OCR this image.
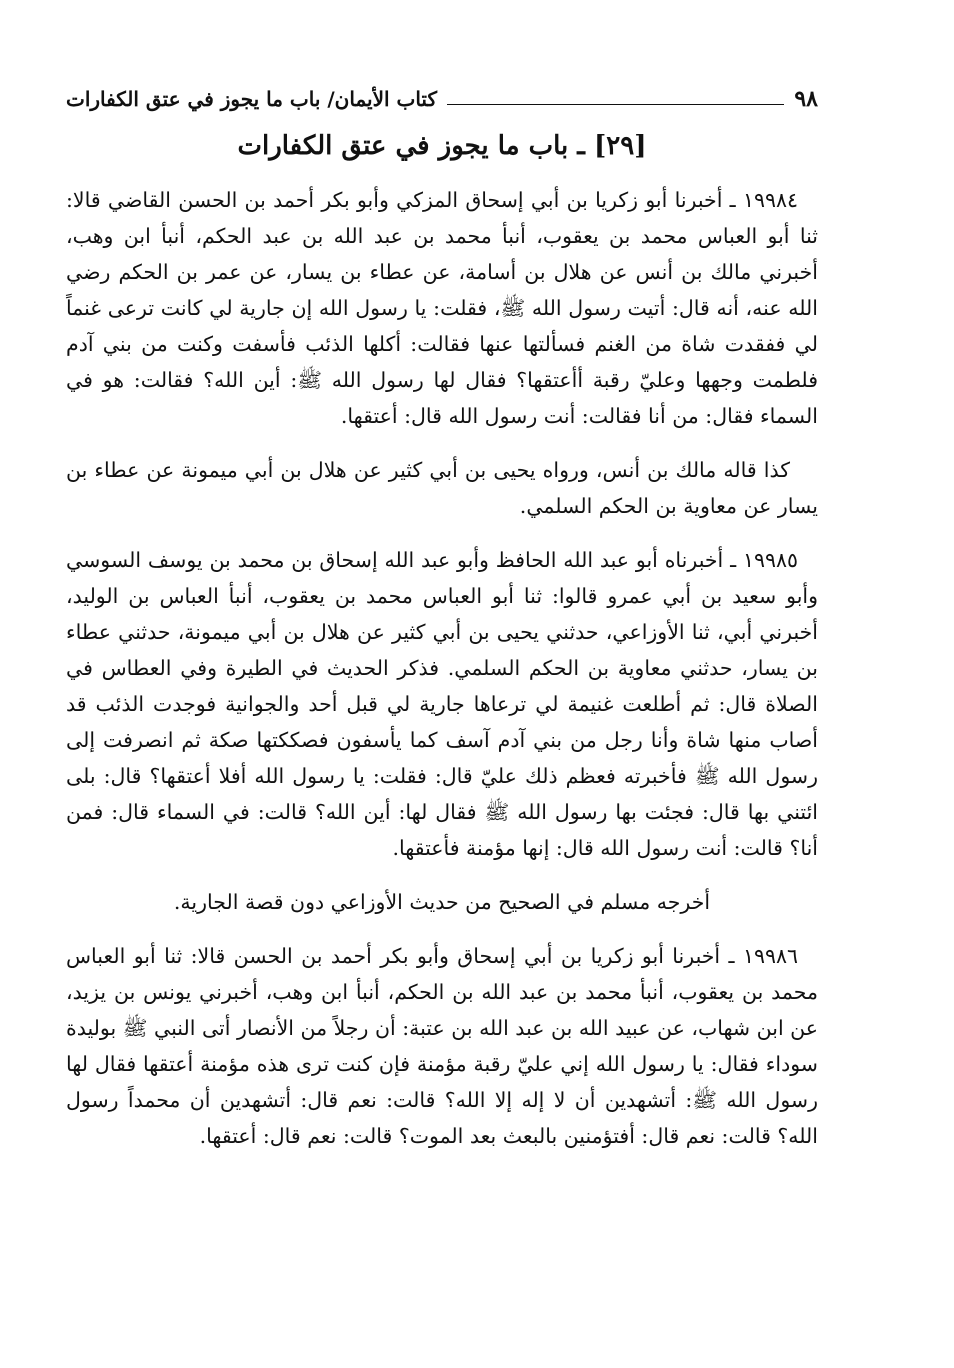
٩٨
كتاب الأيمان/ باب ما يجوز في عتق الكفارات
[٢٩] ـ باب ما يجوز في عتق الكفارات

١٩٩٨٤ ـ أخبرنا أبو زكريا بن أبي إسحاق المزكي وأبو بكر أحمد بن الحسن القاضي قالا: ثنا أبو العباس محمد بن يعقوب، أنبأ محمد بن عبد الله بن عبد الحكم، أنبأ ابن وهب، أخبرني مالك بن أنس عن هلال بن أسامة، عن عطاء بن يسار، عن عمر بن الحكم رضي الله عنه، أنه قال: أتيت رسول الله ﷺ، فقلت: يا رسول الله إن جارية لي كانت ترعى غنماً لي ففقدت شاة من الغنم فسألتها عنها فقالت: أكلها الذئب فأسفت وكنت من بني آدم فلطمت وجهها وعليّ رقبة أأعتقها؟ فقال لها رسول الله ﷺ: أين الله؟ فقالت: هو في السماء فقال: من أنا فقالت: أنت رسول الله قال: أعتقها.

كذا قاله مالك بن أنس، ورواه يحيى بن أبي كثير عن هلال بن أبي ميمونة عن عطاء بن يسار عن معاوية بن الحكم السلمي.

١٩٩٨٥ ـ أخبرناه أبو عبد الله الحافظ وأبو عبد الله إسحاق بن محمد بن يوسف السوسي وأبو سعيد بن أبي عمرو قالوا: ثنا أبو العباس محمد بن يعقوب، أنبأ العباس بن الوليد، أخبرني أبي، ثنا الأوزاعي، حدثني يحيى بن أبي كثير عن هلال بن أبي ميمونة، حدثني عطاء بن يسار، حدثني معاوية بن الحكم السلمي. فذكر الحديث في الطيرة وفي العطاس في الصلاة قال: ثم أطلعت غنيمة لي ترعاها جارية لي قبل أحد والجوانية فوجدت الذئب قد أصاب منها شاة وأنا رجل من بني آدم آسف كما يأسفون فصككتها صكة ثم انصرفت إلى رسول الله ﷺ فأخبرته فعظم ذلك عليّ قال: فقلت: يا رسول الله أفلا أعتقها؟ قال: بلى ائتني بها قال: فجئت بها رسول الله ﷺ فقال لها: أين الله؟ قالت: في السماء قال: فمن أنا؟ قالت: أنت رسول الله قال: إنها مؤمنة فأعتقها.

أخرجه مسلم في الصحيح من حديث الأوزاعي دون قصة الجارية.

١٩٩٨٦ ـ أخبرنا أبو زكريا بن أبي إسحاق وأبو بكر أحمد بن الحسن قالا: ثنا أبو العباس محمد بن يعقوب، أنبأ محمد بن عبد الله بن الحكم، أنبأ ابن وهب، أخبرني يونس بن يزيد، عن ابن شهاب، عن عبيد الله بن عبد الله بن عتبة: أن رجلاً من الأنصار أتى النبي ﷺ بوليدة سوداء فقال: يا رسول الله إني عليّ رقبة مؤمنة فإن كنت ترى هذه مؤمنة أعتقها فقال لها رسول الله ﷺ: أتشهدين أن لا إله إلا الله؟ قالت: نعم قال: أتشهدين أن محمداً رسول الله؟ قالت: نعم قال: أفتؤمنين بالبعث بعد الموت؟ قالت: نعم قال: أعتقها.
